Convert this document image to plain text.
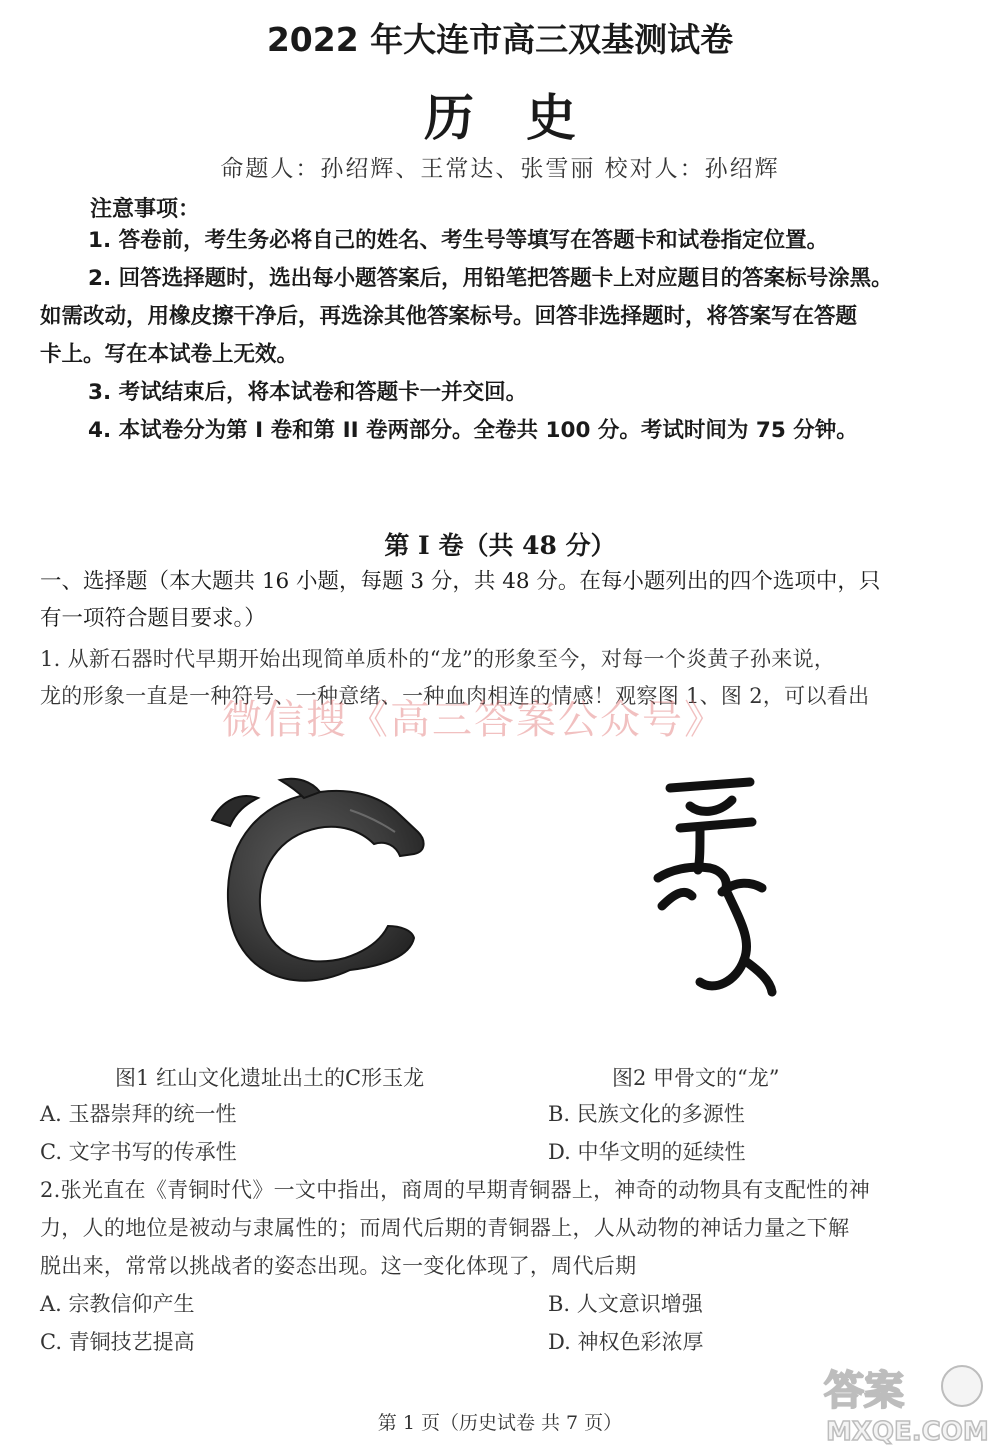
2022 年大连市高三双基测试卷
历史
命题人：孙绍辉、王常达、张雪丽 校对人：孙绍辉
注意事项：
1. 答卷前，考生务必将自己的姓名、考生号等填写在答题卡和试卷指定位置。
2. 回答选择题时，选出每小题答案后，用铅笔把答题卡上对应题目的答案标号涂黑。
如需改动，用橡皮擦干净后，再选涂其他答案标号。回答非选择题时，将答案写在答题
卡上。写在本试卷上无效。
3. 考试结束后，将本试卷和答题卡一并交回。
4. 本试卷分为第 I 卷和第 II 卷两部分。全卷共 100 分。考试时间为 75 分钟。
第 I 卷（共 48 分）
一、选择题（本大题共 16 小题，每题 3 分，共 48 分。在每小题列出的四个选项中，只
有一项符合题目要求。）
1. 从新石器时代早期开始出现简单质朴的“龙”的形象至今，对每一个炎黄子孙来说，
龙的形象一直是一种符号、一种意绪、一种血肉相连的情感！观察图 1、图 2，可以看出
微信搜《高三答案公众号》
图1 红山文化遗址出土的C形玉龙	图2 甲骨文的“龙”
A. 玉器崇拜的统一性	B. 民族文化的多源性
C. 文字书写的传承性	D. 中华文明的延续性
2.张光直在《青铜时代》一文中指出，商周的早期青铜器上，神奇的动物具有支配性的神
力，人的地位是被动与隶属性的；而周代后期的青铜器上，人从动物的神话力量之下解
脱出来，常常以挑战者的姿态出现。这一变化体现了，周代后期
A. 宗教信仰产生	B. 人文意识增强
C. 青铜技艺提高	D. 神权色彩浓厚
第 1 页（历史试卷 共 7 页）
答案
MXQE.COM
